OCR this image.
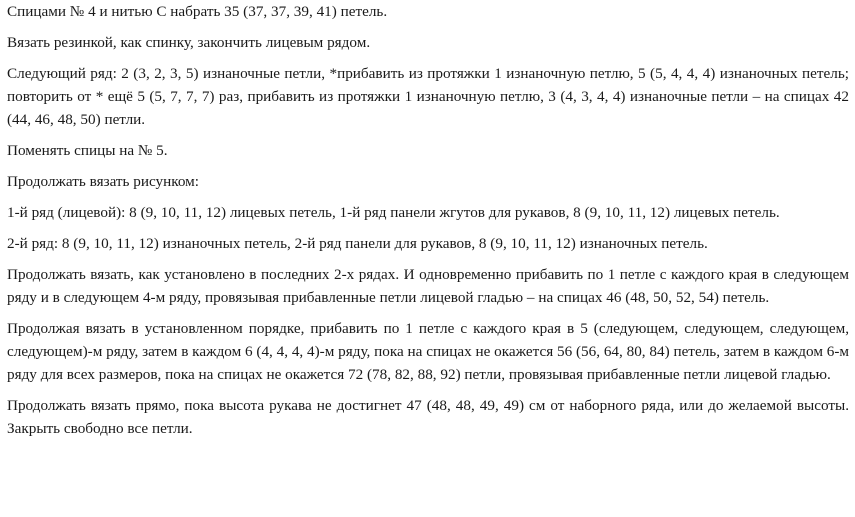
Спицами № 4 и нитью С набрать 35 (37, 37, 39, 41) петель.

Вязать резинкой, как спинку, закончить лицевым рядом.

Следующий ряд: 2 (3, 2, 3, 5) изнаночные петли, *прибавить из протяжки 1 изнаночную петлю, 5 (5, 4, 4, 4) изнаночных петель; повторить от * ещё 5 (5, 7, 7, 7) раз, прибавить из протяжки 1 изнаночную петлю, 3 (4, 3, 4, 4) изнаночные петли – на спицах 42 (44, 46, 48, 50) петли.

Поменять спицы на № 5.

Продолжать вязать рисунком:

1-й ряд (лицевой): 8 (9, 10, 11, 12) лицевых петель, 1-й ряд панели жгутов для рукавов, 8 (9, 10, 11, 12) лицевых петель.

2-й ряд: 8 (9, 10, 11, 12) изнаночных петель, 2-й ряд панели для рукавов, 8 (9, 10, 11, 12) изнаночных петель.

Продолжать вязать, как установлено в последних 2-х рядах. И одновременно прибавить по 1 петле с каждого края в следующем ряду и в следующем 4-м ряду, провязывая прибавленные петли лицевой гладью – на спицах 46 (48, 50, 52, 54) петель.

Продолжая вязать в установленном порядке, прибавить по 1 петле с каждого края в 5 (следующем, следующем, следующем, следующем)-м ряду, затем в каждом 6 (4, 4, 4, 4)-м ряду, пока на спицах не окажется 56 (56, 64, 80, 84) петель, затем в каждом 6-м ряду для всех размеров, пока на спицах не окажется 72 (78, 82, 88, 92) петли, провязывая прибавленные петли лицевой гладью.

Продолжать вязать прямо, пока высота рукава не достигнет 47 (48, 48, 49, 49) см от наборного ряда, или до желаемой высоты. Закрыть свободно все петли.
